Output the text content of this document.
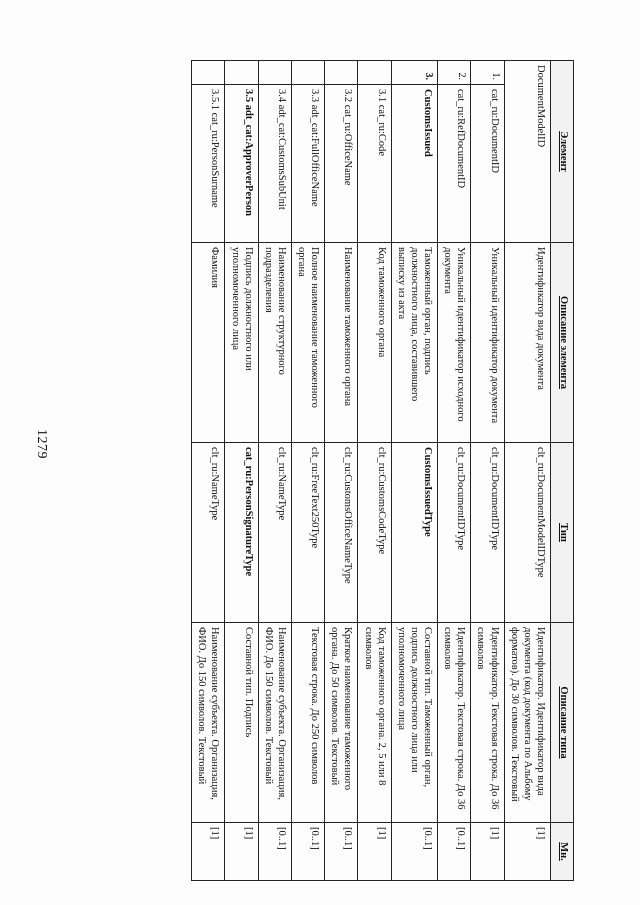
1279
Элемент		Описание элемента	Тип	Описание типа	Мн.
DocumentModelID		Идентификатор вида документа	clt_ru:DocumentModelIDType	Идентификатор. Идентификатор вида документа (код документа по Альбому форматов). До 30 символов. Текстовый	[1]
1.	cat_ru:DocumentID	Уникальный идентификатор документа	clt_ru:DocumentIDType	Идентификатор. Текстовая строка. До 36 символов	[1]
2.	cat_ru:RefDocumentID	Уникальный идентификатор исходного документа	clt_ru:DocumentIDType	Идентификатор. Текстовая строка. До 36 символов	[0..1]
3.	CustomsIssued	Таможенный орган, подпись должностного лица, составившего выписку из акта	CustomsIssuedType	Составной тип. Таможенный орган, подпись должностного лица или уполномоченного лица	[0..1]
	3.1 cat_ru:Code	Код таможенного органа	clt_ru:CustomsCodeType	Код таможенного органа. 2, 5 или 8 символов	[1]
	3.2 cat_ru:OfficeName	Наименование таможенного органа	clt_ru:CustomsOfficeNameType	Краткое наименование таможенного органа. До 50 символов. Текстовый	[0..1]
	3.3 adt_cat:FullOfficeName	Полное наименование таможенного органа	clt_ru:FreeText250Type	Текстовая строка. До 250 символов	[0..1]
	3.4 adt_cat:CustomsSubUnit	Наименование структурного подразделения	clt_ru:NameType	Наименование субъекта. Организация, ФИО. До 150 символов. Текстовый	[0..1]
	3.5 adt_cat:ApproverPerson	Подпись должностного или уполномоченного лица	cat_ru:PersonSignatureType	Составной тип. Подпись	[1]
	3.5.1 cat_ru:PersonSurname	Фамилия	clt_ru:NameType	Наименование субъекта. Организация, ФИО. До 150 символов. Текстовый	[1]
